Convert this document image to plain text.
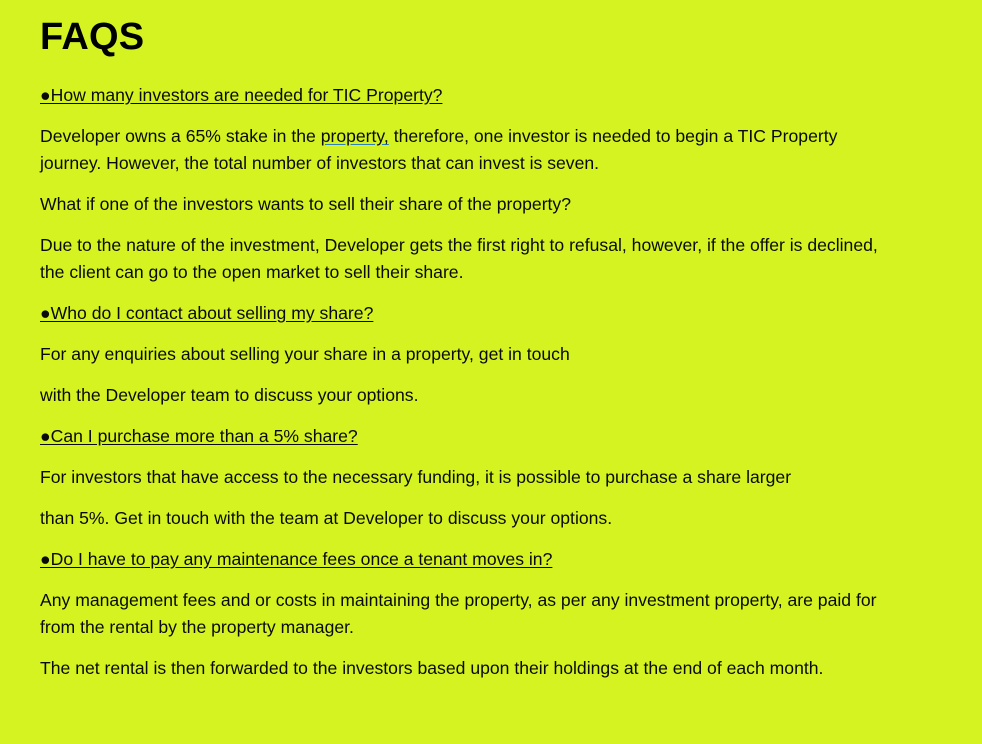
FAQS

●How many investors are needed for TIC Property?

Developer owns a 65% stake in the property, therefore, one investor is needed to begin a TIC Property journey. However, the total number of investors that can invest is seven.

What if one of the investors wants to sell their share of the property?

Due to the nature of the investment, Developer gets the first right to refusal, however, if the offer is declined, the client can go to the open market to sell their share.

●Who do I contact about selling my share?

For any enquiries about selling your share in a property, get in touch

with the Developer team to discuss your options.

●Can I purchase more than a 5% share?

For investors that have access to the necessary funding, it is possible to purchase a share larger

than 5%. Get in touch with the team at Developer to discuss your options.

●Do I have to pay any maintenance fees once a tenant moves in?

Any management fees and or costs in maintaining the property, as per any investment property, are paid for from the rental by the property manager.

The net rental is then forwarded to the investors based upon their holdings at the end of each month.
